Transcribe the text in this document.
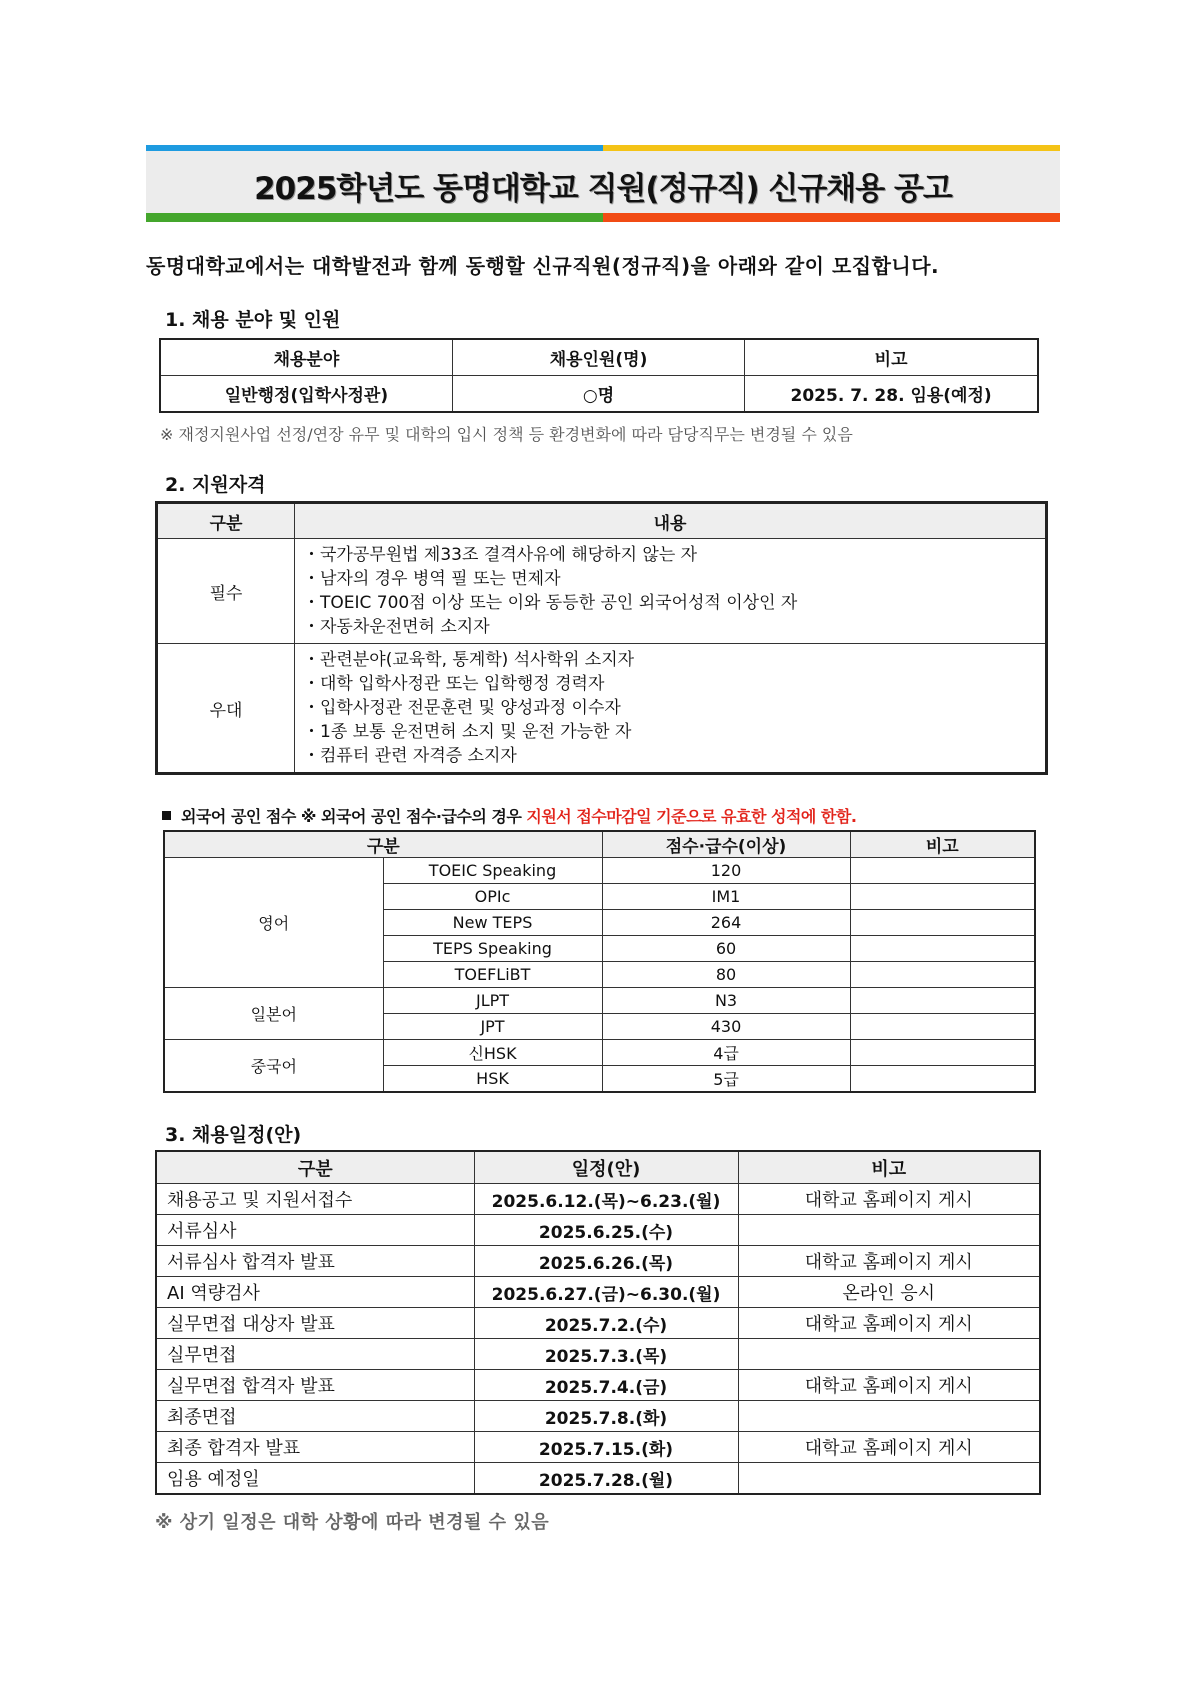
2025학년도 동명대학교 직원(정규직) 신규채용 공고
동명대학교에서는 대학발전과 함께 동행할 신규직원(정규직)을 아래와 같이 모집합니다.
1. 채용 분야 및 인원
채용분야	채용인원(명)	비고
일반행정(입학사정관)	○명	2025. 7. 28. 임용(예정)
※ 재정지원사업 선정/연장 유무 및 대학의 입시 정책 등 환경변화에 따라 담당직무는 변경될 수 있음
2. 지원자격
구분	내용
필수	・국가공무원법 제33조 결격사유에 해당하지 않는 자
・남자의 경우 병역 필 또는 면제자
・TOEIC 700점 이상 또는 이와 동등한 공인 외국어성적 이상인 자
・자동차운전면허 소지자

우대	・관련분야(교육학, 통계학) 석사학위 소지자
・대학 입학사정관 또는 입학행정 경력자
・입학사정관 전문훈련 및 양성과정 이수자
・1종 보통 운전면허 소지 및 운전 가능한 자
・컴퓨터 관련 자격증 소지자
외국어 공인 점수 ※ 외국어 공인 점수·급수의 경우 지원서 접수마감일 기준으로 유효한 성적에 한함.
구분		점수·급수(이상)	비고
영어	TOEIC Speaking	120	
	OPIc	IM1	
	New TEPS	264	
	TEPS Speaking	60	
	TOEFLiBT	80	
일본어	JLPT	N3	
	JPT	430	
중국어	신HSK	4급	
	HSK	5급	
3. 채용일정(안)
구분	일정(안)	비고
채용공고 및 지원서접수	2025.6.12.(목)~6.23.(월)	대학교 홈페이지 게시
서류심사	2025.6.25.(수)	
서류심사 합격자 발표	2025.6.26.(목)	대학교 홈페이지 게시
AI 역량검사	2025.6.27.(금)~6.30.(월)	온라인 응시
실무면접 대상자 발표	2025.7.2.(수)	대학교 홈페이지 게시
실무면접	2025.7.3.(목)	
실무면접 합격자 발표	2025.7.4.(금)	대학교 홈페이지 게시
최종면접	2025.7.8.(화)	
최종 합격자 발표	2025.7.15.(화)	대학교 홈페이지 게시
임용 예정일	2025.7.28.(월)	
※ 상기 일정은 대학 상황에 따라 변경될 수 있음
